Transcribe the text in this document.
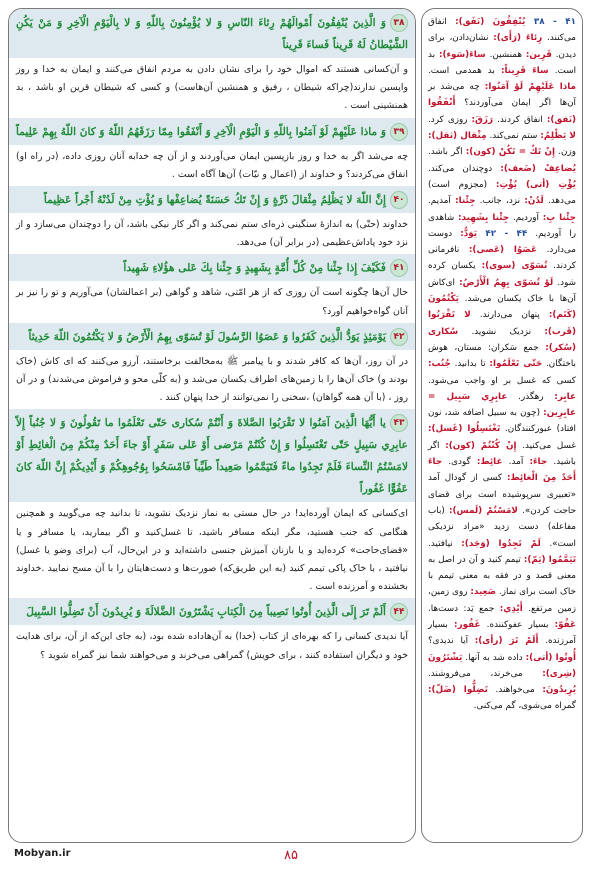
۳۸وَ الَّذِينَ يُنْفِقُونَ أَمْوالَهُمْ رِئاءَ النّاسِ وَ لا يُؤْمِنُونَ بِاللّهِ وَ لا بِالْيَوْمِ الْآخِرِ وَ مَنْ يَكُنِ الشَّيْطانُ لَهُ قَرِيناً فَساءَ قَرِيناً
و آن‌کسانی هستند که اموال خود را برای نشان دادن به مردم انفاق می‌کنند و ایمان به خدا و روز واپسین ندارند(چراکه شیطان ، رفیق و همنشین آن‌هاست) و کسی که شیطان قرین او باشد ، بد همنشینی است .
۳۹وَ ماذا عَلَيْهِمْ لَوْ آمَنُوا بِاللّهِ وَ الْيَوْمِ الْآخِرِ وَ أَنْفَقُوا مِمّا رَزَقَهُمُ اللّهُ وَ كانَ اللّهُ بِهِمْ عَلِيماً
چه می‌شد اگر به خدا و روز بازپسین ایمان می‌آوردند و از آن چه خدابه آنان روزی داده، (در راه او) انفاق می‌کردند؟ و خداوند از (اعمال و نیّات) آن‌ها آگاه است .
۴۰إِنَّ اللّهَ لا يَظْلِمُ مِثْقالَ ذَرَّةٍ وَ إِنْ تَكُ حَسَنَةً يُضاعِفْها وَ يُؤْتِ مِنْ لَدُنْهُ أَجْراً عَظِيماً
خداوند (حتّی) به اندازهٔ سنگینی ذره‌ای ستم نمی‌کند و اگر کار نیکی باشد، آن را دوچندان می‌سازد و از نزد خود پاداش‌عظیمی (در برابر آن) می‌دهد.
۴۱فَكَيْفَ إِذا جِئْنا مِنْ كُلِّ أُمَّةٍ بِشَهِيدٍ وَ جِئْنا بِكَ عَلى هؤُلاءِ شَهِيداً
حال آن‌ها چگونه است آن روزی که از هر امّتی، شاهد و گواهی (بر اعمالشان) می‌آوریم و تو را نیز بر آنان گواه‌خواهیم آورد؟
۴۲يَوْمَئِذٍ يَوَدُّ الَّذِينَ كَفَرُوا وَ عَصَوُا الرَّسُولَ لَوْ تُسَوّى بِهِمُ الْأَرْضُ وَ لا يَكْتُمُونَ اللّهَ حَدِيثاً
در آن روز، آن‌ها که کافر شدند و با پیامبر ﷺ به‌مخالفت برخاستند، آرزو می‌کنند که ای کاش (خاک بودند و) خاک آن‌ها را با زمین‌های اطراف یکسان می‌شد و (به کلّی محو و فراموش می‌شدند) و در آن روز ، (با آن همه گواهان) ،سخنی را نمی‌توانند از خدا پنهان کنند .
۴۳يا أَيُّهَا الَّذِينَ آمَنُوا لا تَقْرَبُوا الصَّلاةَ وَ أَنْتُمْ سُكارى حَتّى تَعْلَمُوا ما تَقُولُونَ وَ لا جُنُباً إِلاّ عابِرِي سَبِيلٍ حَتّى تَغْتَسِلُوا وَ إِنْ كُنْتُمْ مَرْضى أَوْ عَلى سَفَرٍ أَوْ جاءَ أَحَدٌ مِنْكُمْ مِنَ الْغائِطِ أَوْ لامَسْتُمُ النِّساءَ فَلَمْ تَجِدُوا ماءً فَتَيَمَّمُوا صَعِيداً طَيِّباً فَامْسَحُوا بِوُجُوهِكُمْ وَ أَيْدِيكُمْ إِنَّ اللّهَ كانَ عَفُوًّا غَفُوراً
ای‌کسانی که ایمان آورده‌اید! در حال مستی به نماز نزدیک نشوید، تا بدانید چه می‌گویید و همچنین هنگامی که جنب هستید، مگر اینکه مسافر باشید، تا غسل‌کنید و اگر بیمارید، یا مسافر و یا «قضای‌حاجت» کرده‌اید و یا بازنان آمیزش جنسی داشته‌اید و در این‌حال، آب (برای وضو یا غسل) نیافتید ، با خاک پاکی تیمم کنید (به این طریق‌که) صورت‌ها و دست‌هایتان را با آن مسح نمایید .خداوند بخشنده و آمرزنده است .
۴۴أَلَمْ تَرَ إِلَى الَّذِينَ أُوتُوا نَصِيباً مِنَ الْكِتابِ يَشْتَرُونَ الضَّلالَةَ وَ يُرِيدُونَ أَنْ تَضِلُّوا السَّبِيلَ
آیا ندیدی کسانی را که بهره‌ای از کتاب (خدا) به آن‌هاداده شده بود، (به جای این‌که از آن، برای هدایت خود و دیگران استفاده کنند ، برای خویش) گمراهی می‌خرند و می‌خواهند شما نیز گمراه شوید ؟
۴۱ - ۳۸ يُنْفِقُونَ (نَفَق): انفاق می‌کنند. رِئاءَ (رَأَى): نشان‌دادن، برای دیدن. قَرِين: همنشین. ساءَ(سَوء): بد است. ساءَ قَرِيناً: بد همدمی است. ماذا عَلَيْهِمْ لَوْ آمَنُوا: چه می‌شد بر آن‌ها اگر ایمان می‌آوردند؟ أَنْفَقُوا (نَفق): انفاق کردند. رَزَقَ: روزی کرد. لا يَظْلِمُ: ستم نمی‌کند. مِثْقال (ثقل): وزن. إِنْ تَكُ = تَكُنْ (كون): اگر باشد. يُضاعِفْ (ضَعف): دوچندان می‌کند. يُؤْتِ (أتى) يُؤْتِ: (مجزوم است) می‌دهد. لَدُنْ: نزد، جانب. جِئْنا: آمدیم. جِئْنا بِ: آوردیم. جِئْنا بِشَهِيد: شاهدی را آوردیم. ۴۴ - ۴۲ يَوَدُّ: دوست می‌دارد. عَصَوُا (عَصى): نافرمانی کردند. تُسَوّى (سوى): یکسان کرده شود. لَوْ تُسَوّى بِهِمُ الْأَرْضُ: ای‌کاش آن‌ها با خاک یکسان می‌شد. يَكْتُمُونَ (كَتَم): پنهان می‌دارند. لا تَقْرَبُوا (قَرب): نزدیک نشوید. سُكارى (سُكر): جمع سَكران: مستان، هوش باختگان. حَتّى تَعْلَمُوا: تا بدانید. جُنُب: کسی که غسل بر او واجب می‌شود. عابِر: رهگذر. عابِرِي سَبِيل = عابِرِين: (چون به سبیل اضافه شد، نون افتاد) عبورکنندگان. تَغْتَسِلُوا (غَسل): غسل می‌کنید. إِنْ كُنْتُمْ (كون): اگر باشید. جاءَ: آمد. غائِط: گودی. جاءَ أَحَدٌ مِنَ الْغائِط: کسی از گودال آمد «تعبیری سرپوشیده است برای قضای حاجت کردن». لامَسْتُمْ (لَمس): (باب مفاعله) دست زدید «مراد نزدیکی است». لَمْ تَجِدُوا (وَجَد): نیافتید. تَيَمَّمُوا (يَمّ): تیمم کنید و آن در اصل به معنی قصد و در فقه به معنی تیمم با خاک است برای نماز. صَعِيد: روی زمین، زمین مرتفع. أَيْدِي: جمع يَد: دست‌ها. عَفُوّ: بسیار عفوکننده. غَفُور: بسیار آمرزنده. أَلَمْ تَرَ (رأى): آیا ندیدی؟ أُوتُوا (أتى): داده شد به آنها. يَشْتَرُونَ (شِرى): می‌خرند، می‌فروشند. يُرِيدُونَ: می‌خواهند. تَضِلُّوا (ضَلّ): گمراه می‌شوی، گم می‌کنی.
Mobyan.ir	۸۵
